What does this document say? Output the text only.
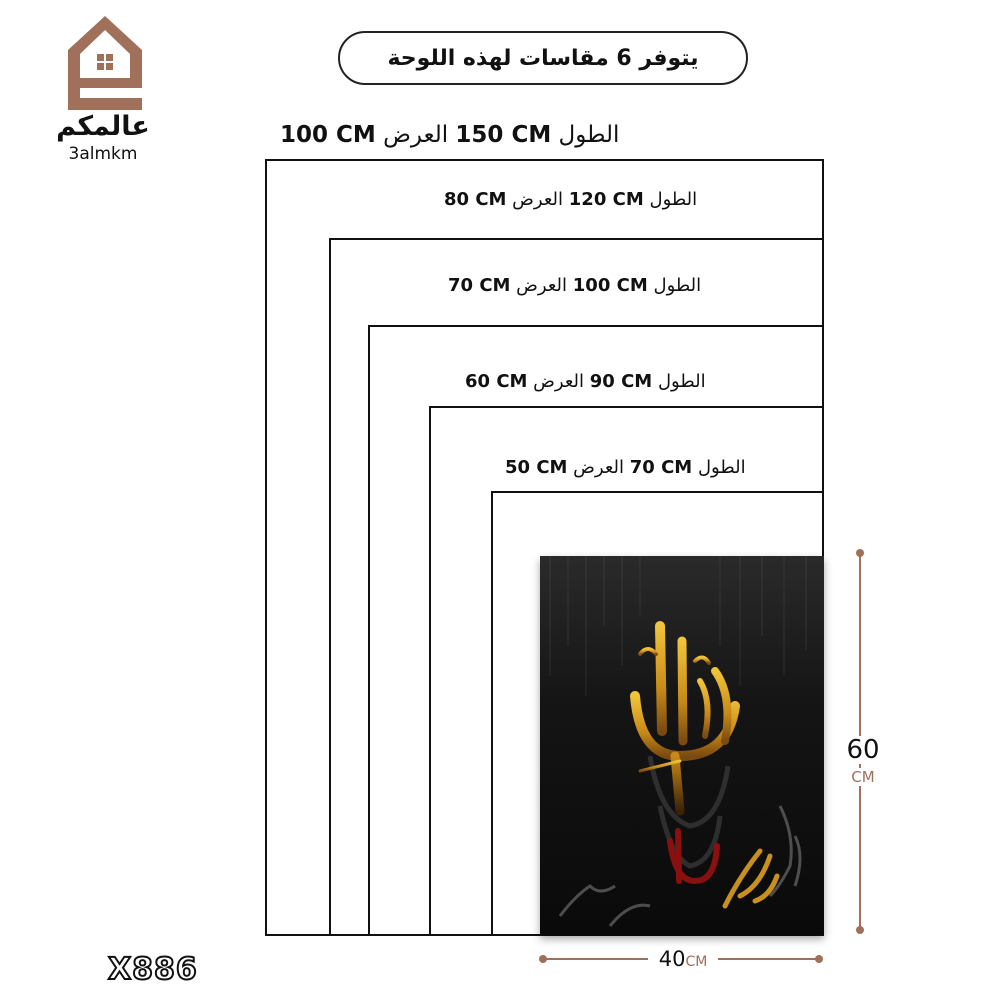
عالمكم
3almkm
يتوفر 6 مقاسات لهذه اللوحة
الطول 150 CM العرض 100 CM
الطول 120 CM العرض 80 CM
الطول 100 CM العرض 70 CM
الطول 90 CM العرض 60 CM
الطول 70 CM العرض 50 CM
60
CM
40CM
X886
